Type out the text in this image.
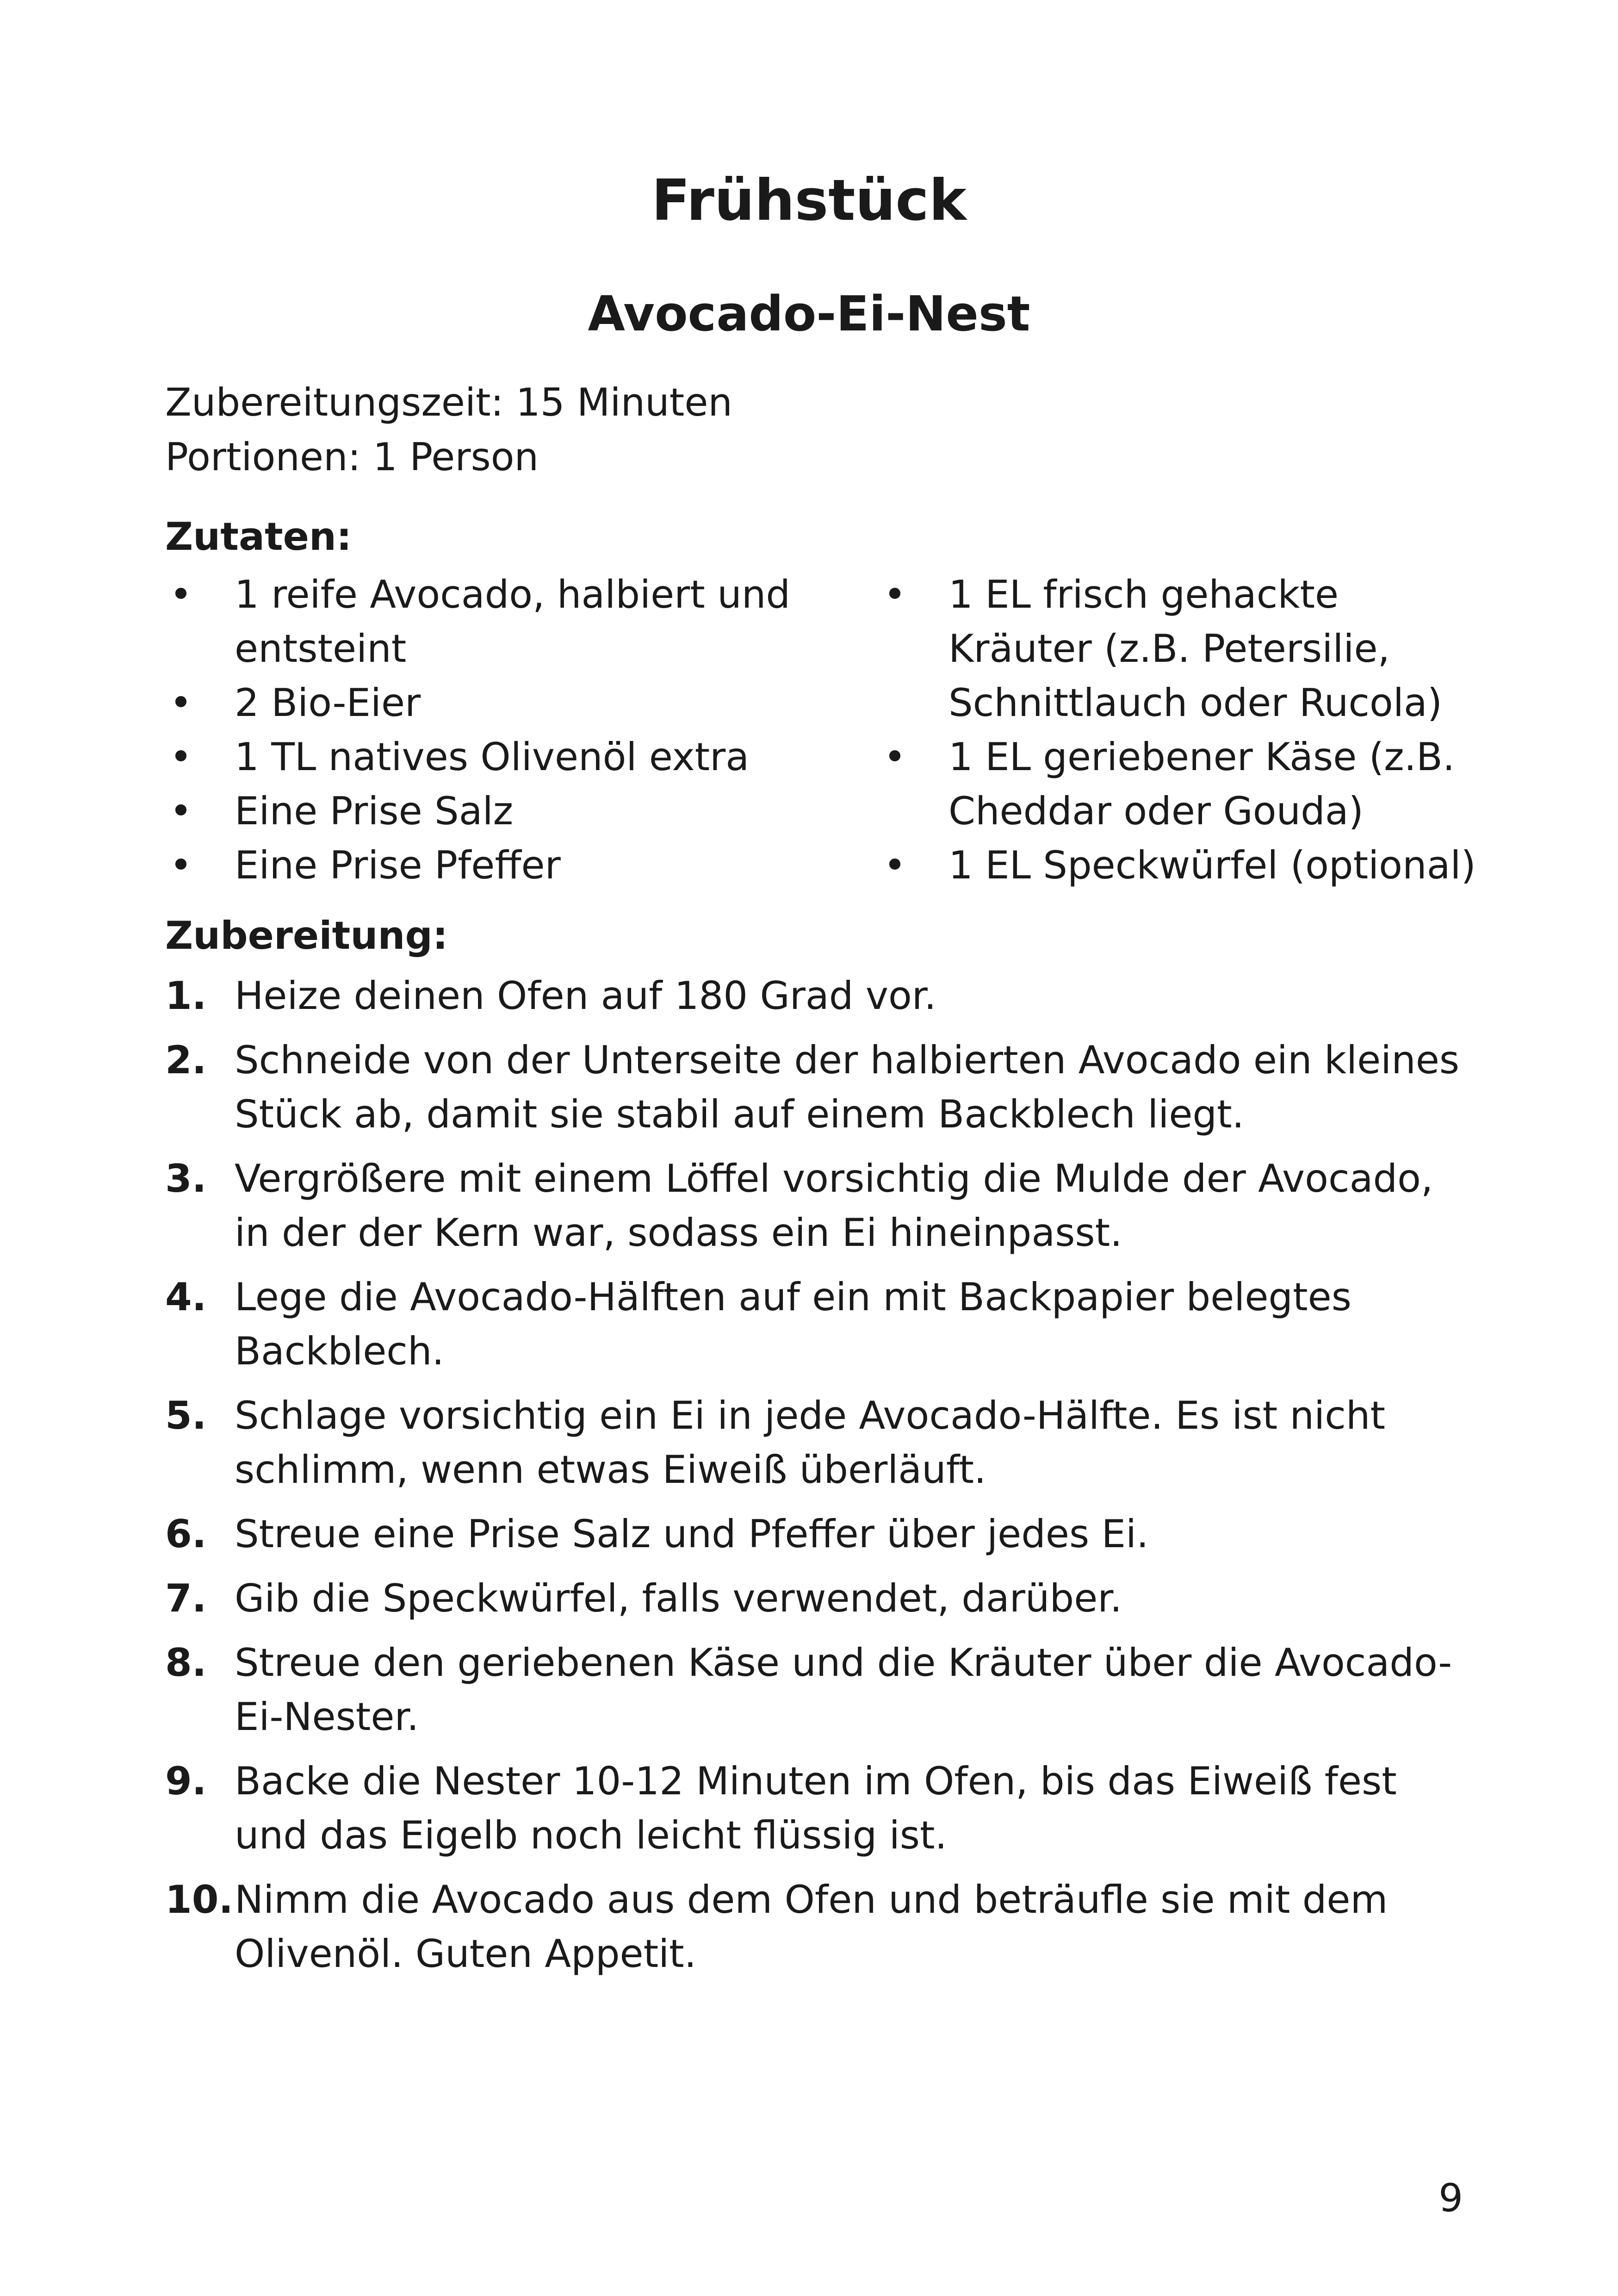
Frühstück
Avocado-Ei-Nest
Zubereitungszeit: 15 Minuten
Portionen: 1 Person
Zutaten:
• 1 reife Avocado, halbiert und entsteint
• 2 Bio-Eier
• 1 TL natives Olivenöl extra
• Eine Prise Salz
• Eine Prise Pfeffer
• 1 EL frisch gehackte Kräuter (z.B. Petersilie, Schnittlauch oder Rucola)
• 1 EL geriebener Käse (z.B. Cheddar oder Gouda)
• 1 EL Speckwürfel (optional)
Zubereitung:
1. Heize deinen Ofen auf 180 Grad vor.
2. Schneide von der Unterseite der halbierten Avocado ein kleines Stück ab, damit sie stabil auf einem Backblech liegt.
3. Vergrößere mit einem Löffel vorsichtig die Mulde der Avocado, in der der Kern war, sodass ein Ei hineinpasst.
4. Lege die Avocado-Hälften auf ein mit Backpapier belegtes Backblech.
5. Schlage vorsichtig ein Ei in jede Avocado-Hälfte. Es ist nicht schlimm, wenn etwas Eiweiß überläuft.
6. Streue eine Prise Salz und Pfeffer über jedes Ei.
7. Gib die Speckwürfel, falls verwendet, darüber.
8. Streue den geriebenen Käse und die Kräuter über die Avocado-Ei-Nester.
9. Backe die Nester 10-12 Minuten im Ofen, bis das Eiweiß fest und das Eigelb noch leicht flüssig ist.
10. Nimm die Avocado aus dem Ofen und beträufle sie mit dem Olivenöl. Guten Appetit.
9
